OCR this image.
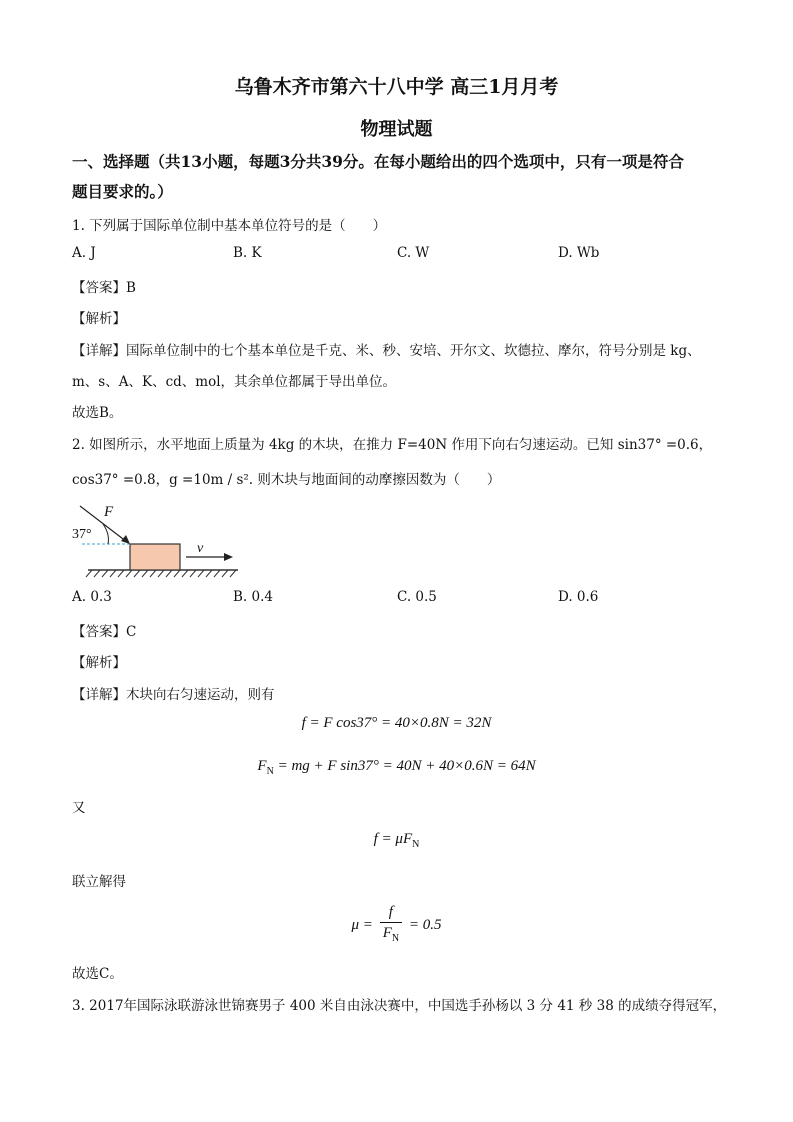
乌鲁木齐市第六十八中学 高三1月月考
物理试题
一、选择题（共13小题，每题3分共39分。在每小题给出的四个选项中，只有一项是符合
题目要求的。）
1. 下列属于国际单位制中基本单位符号的是（　　）
A. J	B. K	C. W	D. Wb
【答案】B
【解析】
【详解】国际单位制中的七个基本单位是千克、米、秒、安培、开尔文、坎德拉、摩尔，符号分别是 kg、
m、s、A、K、cd、mol，其余单位都属于导出单位。
故选B。
2. 如图所示，水平地面上质量为 4kg 的木块，在推力 F=40N 作用下向右匀速运动。已知 sin37° =0.6，
cos37° =0.8，g =10m / s². 则木块与地面间的动摩擦因数为（　　）
F
37°
v
A. 0.3	B. 0.4	C. 0.5	D. 0.6
【答案】C
【解析】
【详解】木块向右匀速运动，则有
f = F cos37° = 40×0.8N = 32N
$F_N$ = mg + F sin37° = 40N + 40×0.6N = 64N
又
$f = \mu F_N$
联立解得
$\mu = \frac{f}{F_N} = 0.5$
故选C。
3. 2017年国际泳联游泳世锦赛男子 400 米自由泳决赛中，中国选手孙杨以 3 分 41 秒 38 的成绩夺得冠军，
